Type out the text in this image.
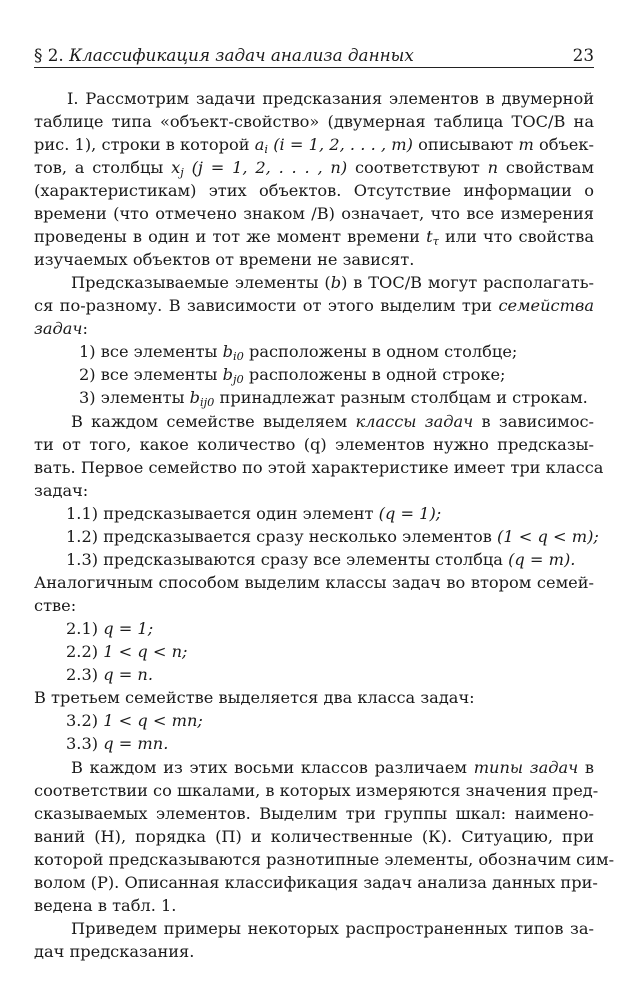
§ 2. Классификация задач анализа данных	23
I. Рассмотрим задачи предсказания элементов в двумерной
таблице типа «объект-свойство» (двумерная таблица ТОС/В на
рис. 1), строки в которой $a_i$ (i = 1, 2, . . . , m) описывают m объек-
тов, а столбцы $x_j$ (j = 1, 2, . . . , n) соответствуют n свойствам
(характеристикам) этих объектов. Отсутствие информации о
времени (что отмечено знаком /В) означает, что все измерения
проведены в один и тот же момент времени $t_\tau$ или что свойства
изучаемых объектов от времени не зависят.
Предсказываемые элементы (b) в ТОС/В могут располагать-
ся по-разному. В зависимости от этого выделим три семейства
задач:
1) все элементы $b_{i0}$ расположены в одном столбце;
2) все элементы $b_{j0}$ расположены в одной строке;
3) элементы $b_{ij0}$ принадлежат разным столбцам и строкам.
В каждом семействе выделяем классы задач в зависимос-
ти от того, какое количество (q) элементов нужно предсказы-
вать. Первое семейство по этой характеристике имеет три класса
задач:
1.1) предсказывается один элемент (q = 1);
1.2) предсказывается сразу несколько элементов (1 < q < m);
1.3) предсказываются сразу все элементы столбца (q = m).
Аналогичным способом выделим классы задач во втором семей-
стве:
2.1) q = 1;
2.2) 1 < q < n;
2.3) q = n.
В третьем семействе выделяется два класса задач:
3.2) 1 < q < mn;
3.3) q = mn.
В каждом из этих восьми классов различаем типы задач в
соответствии со шкалами, в которых измеряются значения пред-
сказываемых элементов. Выделим три группы шкал: наимено-
ваний (Н), порядка (П) и количественные (К). Ситуацию, при
которой предсказываются разнотипные элементы, обозначим сим-
волом (Р). Описанная классификация задач анализа данных при-
ведена в табл. 1.
Приведем примеры некоторых распространенных типов за-
дач предсказания.
